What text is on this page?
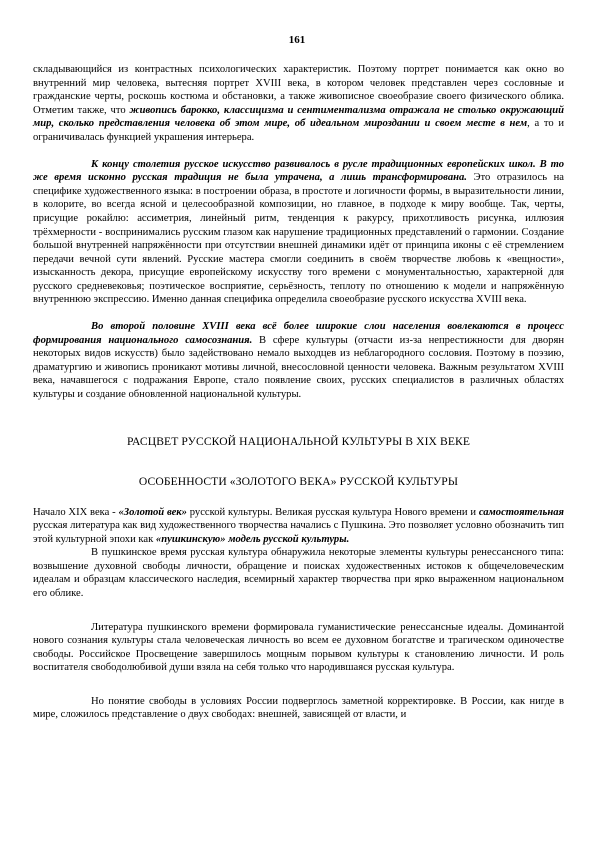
161

складывающийся из контрастных психологических характеристик. Поэтому портрет понимается как окно во внутренний мир человека, вытесняя портрет XVIII века, в котором человек представлен через сословные и гражданские черты, роскошь костюма и обстановки, а также живописное своеобразие своего физического облика. Отметим также, что живопись барокко, классицизма и сентиментализма отражала не столько окружающий мир, сколько представления человека об этом мире, об идеальном мироздании и своем месте в нем, а то и ограничивалась функцией украшения интерьера.

К концу столетия русское искусство развивалось в русле традиционных европейских школ. В то же время исконно русская традиция не была утрачена, а лишь трансформирована. Это отразилось на специфике художественного языка: в построении образа, в простоте и логичности формы, в выразительности линии, в колорите, во всегда ясной и целесообразной композиции, но главное, в подходе к миру вообще. Так, черты, присущие рокайлю: ассиметрия, линейный ритм, тенденция к ракурсу, прихотливость рисунка, иллюзия трёхмерности - воспринимались русским глазом как нарушение традиционных представлений о гармонии. Создание большой внутренней напряжённости при отсутствии внешней динамики идёт от принципа иконы с её стремлением передачи вечной сути явлений. Русские мастера смогли соединить в своём творчестве любовь к «вещности», изысканность декора, присущие европейскому искусству того времени с монументальностью, характерной для русского средневековья; поэтическое восприятие, серьёзность, теплоту по отношению к модели и напряжённую внутреннюю экспрессию. Именно данная специфика определила своеобразие русского искусства XVIII века.

Во второй половине XVIII века всё более широкие слои населения вовлекаются в процесс формирования национального самосознания. В сфере культуры (отчасти из-за непрестижности для дворян некоторых видов искусств) было задействовано немало выходцев из неблагородного сословия. Поэтому в поэзию, драматургию и живопись проникают мотивы личной, внесословной ценности человека. Важным результатом XVIII века, начавшегося с подражания Европе, стало появление своих, русских специалистов в различных областях культуры и создание обновленной национальной культуры.

РАСЦВЕТ РУССКОЙ НАЦИОНАЛЬНОЙ КУЛЬТУРЫ В XIX ВЕКЕ

ОСОБЕННОСТИ «ЗОЛОТОГО ВЕКА» РУССКОЙ КУЛЬТУРЫ

Начало XIX века - «Золотой век» русской культуры. Великая русская культура Нового времени и самостоятельная русская литература как вид художественного творчества начались с Пушкина. Это позволяет условно обозначить тип этой культурной эпохи как «пушкинскую» модель русской культуры.

В пушкинское время русская культура обнаружила некоторые элементы культуры ренессансного типа: возвышение духовной свободы личности, обращение и поисках художественных истоков к общечеловеческим идеалам и образцам классического наследия, всемирный характер творчества при ярко выраженном национальном его облике.

Литература пушкинского времени формировала гуманистические ренессансные идеалы. Доминантой нового сознания культуры стала человеческая личность во всем ее духовном богатстве и трагическом одиночестве свободы. Российское Просвещение завершилось мощным порывом культуры к становлению личности. И роль воспитателя свободолюбивой души взяла на себя только что народившаяся русская культура.

Но понятие свободы в условиях России подверглось заметной корректировке. В России, как нигде в мире, сложилось представление о двух свободах: внешней, зависящей от власти, и
